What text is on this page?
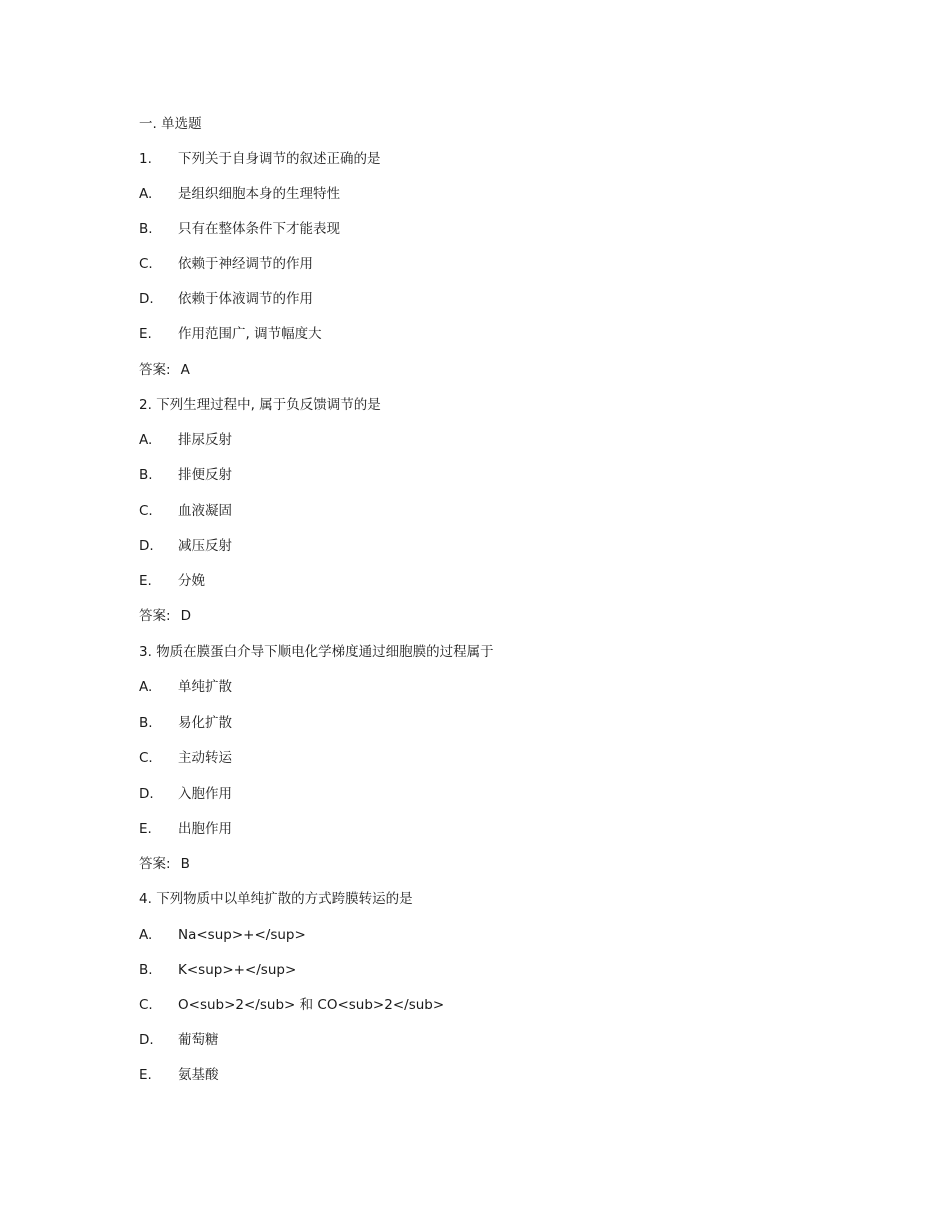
一. 单选题
1. 下列关于自身调节的叙述正确的是
A. 是组织细胞本身的生理特性
B. 只有在整体条件下才能表现
C. 依赖于神经调节的作用
D. 依赖于体液调节的作用
E. 作用范围广, 调节幅度大
答案: A
2. 下列生理过程中, 属于负反馈调节的是
A. 排尿反射
B. 排便反射
C. 血液凝固
D. 减压反射
E. 分娩
答案: D
3. 物质在膜蛋白介导下顺电化学梯度通过细胞膜的过程属于
A. 单纯扩散
B. 易化扩散
C. 主动转运
D. 入胞作用
E. 出胞作用
答案: B
4. 下列物质中以单纯扩散的方式跨膜转运的是
A. Na<sup>+</sup>
B. K<sup>+</sup>
C. O<sub>2</sub> 和 CO<sub>2</sub>
D. 葡萄糖
E. 氨基酸
